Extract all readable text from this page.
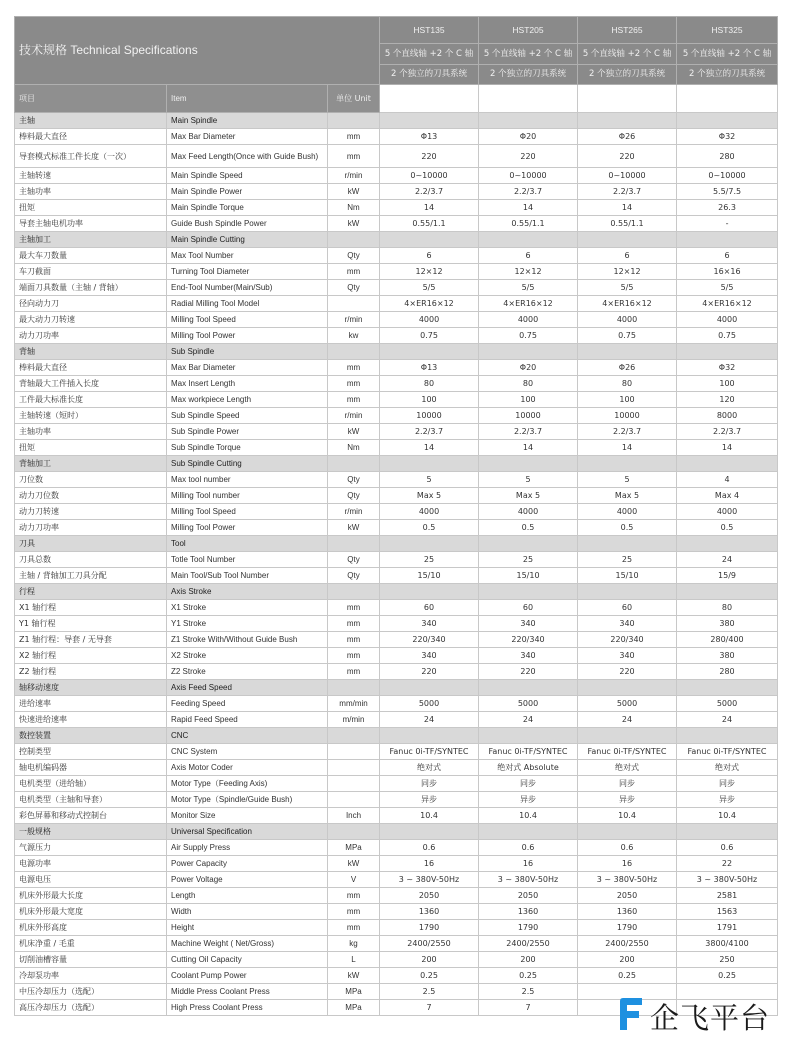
技术规格 Technical Specifications			HST135	HST205	HST265	HST325
			5 个直线轴 +2 个 C 轴	5 个直线轴 +2 个 C 轴	5 个直线轴 +2 个 C 轴	5 个直线轴 +2 个 C 轴
			2 个独立的刀具系统	2 个独立的刀具系统	2 个独立的刀具系统	2 个独立的刀具系统
项目	Item	单位 Unit				
主轴	Main Spindle					
棒料最大直径	Max Bar Diameter	mm	Φ13	Φ20	Φ26	Φ32
导套模式标准工件长度（一次）	Max Feed Length(Once with Guide Bush)	mm	220	220	220	280
主轴转速	Main Spindle Speed	r/min	0~10000	0~10000	0~10000	0~10000
主轴功率	Main Spindle Power	kW	2.2/3.7	2.2/3.7	2.2/3.7	5.5/7.5
扭矩	Main Spindle Torque	Nm	14	14	14	26.3
导套主轴电机功率	Guide Bush Spindle Power	kW	0.55/1.1	0.55/1.1	0.55/1.1	-
主轴加工	Main Spindle Cutting					
最大车刀数量	Max Tool Number	Qty	6	6	6	6
车刀截面	Turning Tool Diameter	mm	12×12	12×12	12×12	16×16
端面刀具数量（主轴 / 背轴）	End-Tool Number(Main/Sub)	Qty	5/5	5/5	5/5	5/5
径向动力刀	Radial Milling Tool Model		4×ER16×12	4×ER16×12	4×ER16×12	4×ER16×12
最大动力刀转速	Milling Tool Speed	r/min	4000	4000	4000	4000
动力刀功率	Milling Tool Power	kw	0.75	0.75	0.75	0.75
背轴	Sub Spindle					
棒料最大直径	Max Bar Diameter	mm	Φ13	Φ20	Φ26	Φ32
背轴最大工件插入长度	Max Insert Length	mm	80	80	80	100
工件最大标准长度	Max workpiece Length	mm	100	100	100	120
主轴转速（短时）	Sub Spindle Speed	r/min	10000	10000	10000	8000
主轴功率	Sub Spindle Power	kW	2.2/3.7	2.2/3.7	2.2/3.7	2.2/3.7
扭矩	Sub Spindle Torque	Nm	14	14	14	14
背轴加工	Sub Spindle Cutting					
刀位数	Max tool number	Qty	5	5	5	4
动力刀位数	Milling Tool number	Qty	Max 5	Max 5	Max 5	Max 4
动力刀转速	Milling Tool Speed	r/min	4000	4000	4000	4000
动力刀功率	Milling Tool Power	kW	0.5	0.5	0.5	0.5
刀具	Tool					
刀具总数	Totle Tool Number	Qty	25	25	25	24
主轴 / 背轴加工刀具分配	Main Tool/Sub Tool Number	Qty	15/10	15/10	15/10	15/9
行程	Axis Stroke					
X1 轴行程	X1 Stroke	mm	60	60	60	80
Y1 轴行程	Y1 Stroke	mm	340	340	340	380
Z1 轴行程：导套 / 无导套	Z1 Stroke With/Without Guide Bush	mm	220/340	220/340	220/340	280/400
X2 轴行程	X2 Stroke	mm	340	340	340	380
Z2 轴行程	Z2 Stroke	mm	220	220	220	280
轴移动速度	Axis Feed Speed					
进给速率	Feeding Speed	mm/min	5000	5000	5000	5000
快速进给速率	Rapid Feed Speed	m/min	24	24	24	24
数控装置	CNC					
控制类型	CNC System		Fanuc 0i-TF/SYNTEC	Fanuc 0i-TF/SYNTEC	Fanuc 0i-TF/SYNTEC	Fanuc 0i-TF/SYNTEC
轴电机编码器	Axis Motor Coder		绝对式	绝对式 Absolute	绝对式	绝对式
电机类型（进给轴）	Motor Type（Feeding Axis)		同步	同步	同步	同步
电机类型（主轴和导套）	Motor Type（Spindle/Guide Bush)		异步	异步	异步	异步
彩色屏幕和移动式控制台	Monitor Size	Inch	10.4	10.4	10.4	10.4
一般规格	Universal Specification					
气源压力	Air Supply Press	MPa	0.6	0.6	0.6	0.6
电源功率	Power Capacity	kW	16	16	16	22
电源电压	Power Voltage	V	3 ~ 380V-50Hz	3 ~ 380V-50Hz	3 ~ 380V-50Hz	3 ~ 380V-50Hz
机床外形最大长度	Length	mm	2050	2050	2050	2581
机床外形最大宽度	Width	mm	1360	1360	1360	1563
机床外形高度	Height	mm	1790	1790	1790	1791
机床净重 / 毛重	Machine Weight ( Net/Gross)	kg	2400/2550	2400/2550	2400/2550	3800/4100
切削油槽容量	Cutting Oil Capacity	L	200	200	200	250
冷却泵功率	Coolant Pump Power	kW	0.25	0.25	0.25	0.25
中压冷却压力（选配）	Middle Press Coolant Press	MPa	2.5	2.5		
高压冷却压力（选配）	High Press Coolant Press	MPa	7	7			企飞平台
